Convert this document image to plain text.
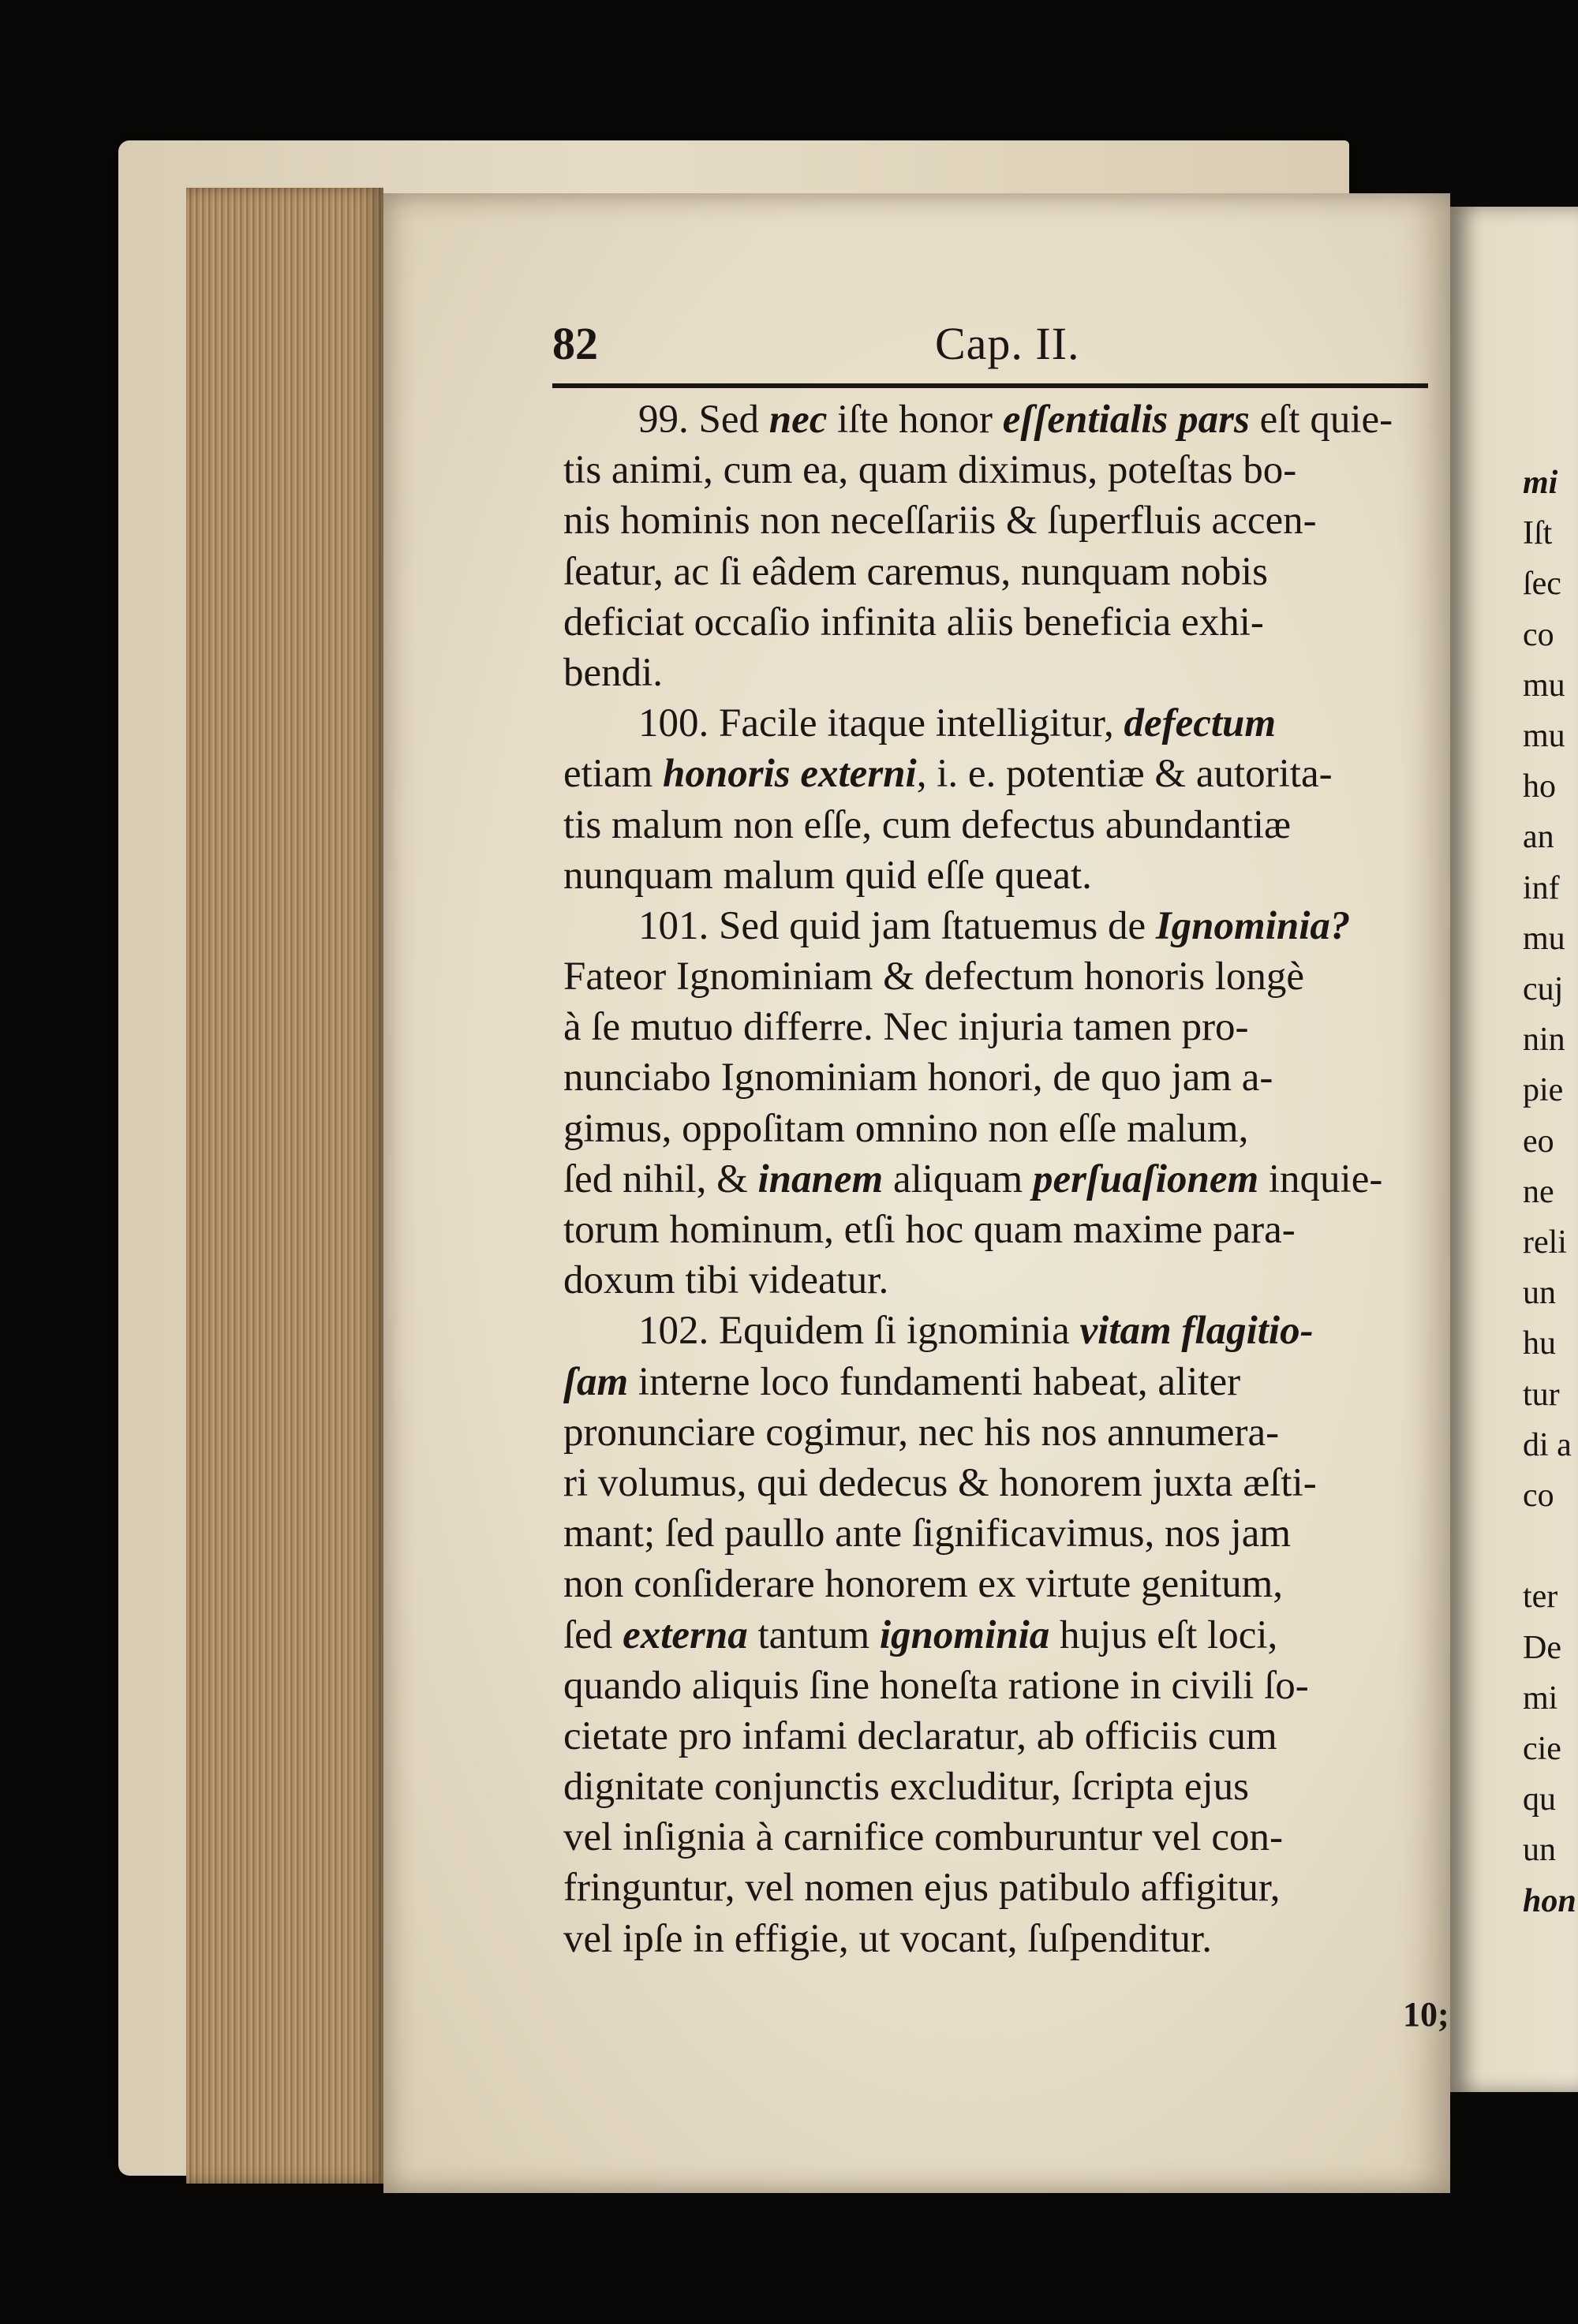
mi
Iſt
ſec
co
mu
mu
ho
an
inf
mu
cuj
nin
pie
eo
ne
reli
un
hu
tur
di a
co
ter
De
mi
cie
qu
un
hon
82	Cap. II.
99. Sed nec iſte honor eſſentialis pars eſt quie-
tis animi, cum ea, quam diximus, poteſtas bo-
nis hominis non neceſſariis & ſuperfluis accen-
ſeatur, ac ſi eâdem caremus, nunquam nobis
deficiat occaſio infinita aliis beneficia exhi-
bendi.
100. Facile itaque intelligitur, defectum
etiam honoris externi, i. e. potentiæ & autorita-
tis malum non eſſe, cum defectus abundantiæ
nunquam malum quid eſſe queat.
101. Sed quid jam ſtatuemus de Ignominia?
Fateor Ignominiam & defectum honoris longè
à ſe mutuo differre. Nec injuria tamen pro-
nunciabo Ignominiam honori, de quo jam a-
gimus, oppoſitam omnino non eſſe malum,
ſed nihil, & inanem aliquam perſuaſionem inquie-
torum hominum, etſi hoc quam maxime para-
doxum tibi videatur.
102. Equidem ſi ignominia vitam flagitio-
ſam interne loco fundamenti habeat, aliter
pronunciare cogimur, nec his nos annumera-
ri volumus, qui dedecus & honorem juxta æſti-
mant; ſed paullo ante ſignificavimus, nos jam
non conſiderare honorem ex virtute genitum,
ſed externa tantum ignominia hujus eſt loci,
quando aliquis ſine honeſta ratione in civili ſo-
cietate pro infami declaratur, ab officiis cum
dignitate conjunctis excluditur, ſcripta ejus
vel inſignia à carnifice comburuntur vel con-
fringuntur, vel nomen ejus patibulo affigitur,
vel ipſe in effigie, ut vocant, ſuſpenditur.
10;
